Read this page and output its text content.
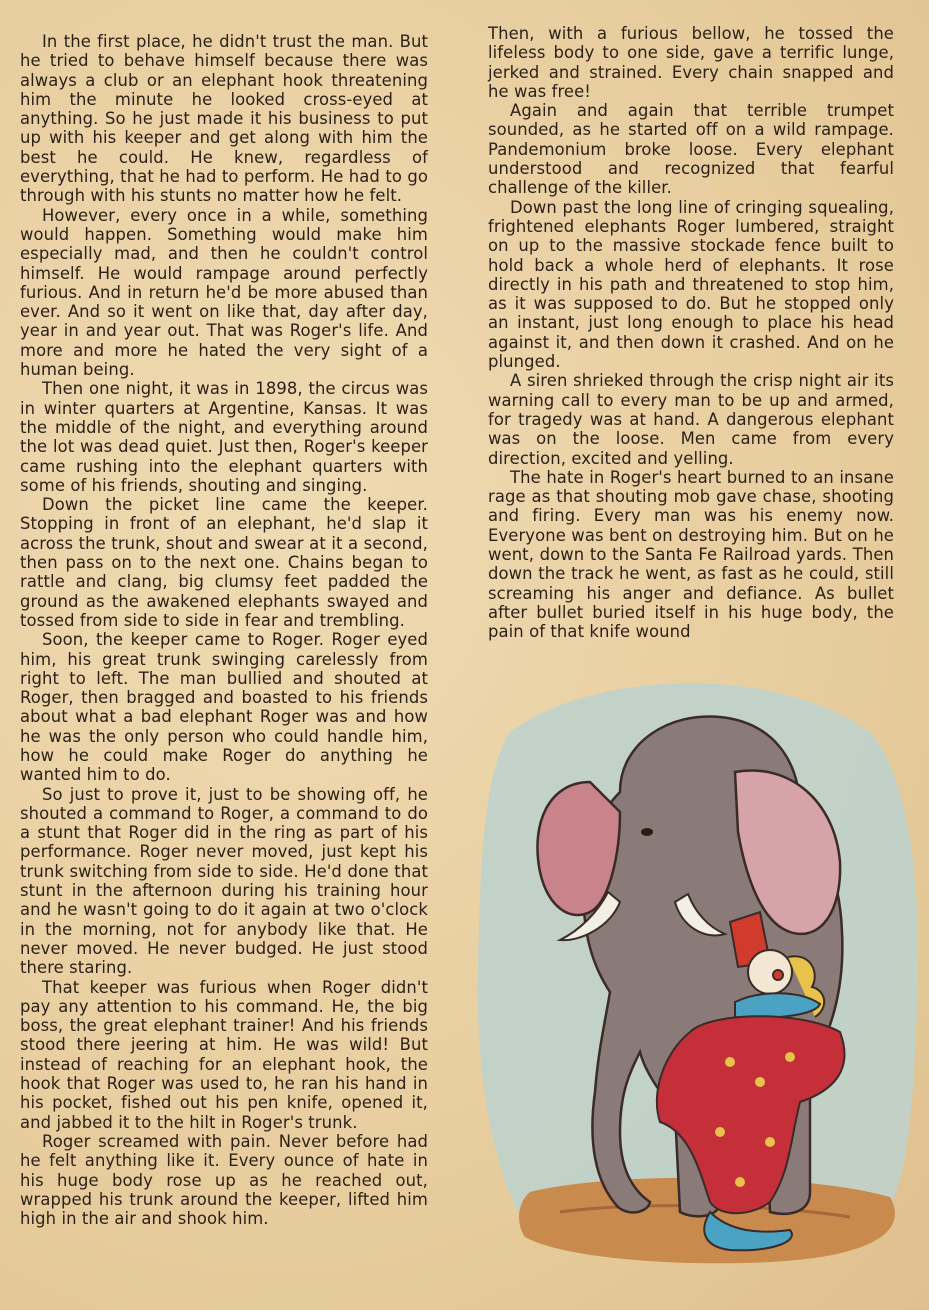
In the first place, he didn't trust the man. But he tried to behave himself because there was always a club or an elephant hook threatening him the minute he looked cross-eyed at anything. So he just made it his business to put up with his keeper and get along with him the best he could. He knew, regardless of everything, that he had to perform. He had to go through with his stunts no matter how he felt.

However, every once in a while, something would happen. Something would make him especially mad, and then he couldn't control himself. He would rampage around perfectly furious. And in return he'd be more abused than ever. And so it went on like that, day after day, year in and year out. That was Roger's life. And more and more he hated the very sight of a human being.

Then one night, it was in 1898, the circus was in winter quarters at Argentine, Kansas. It was the middle of the night, and everything around the lot was dead quiet. Just then, Roger's keeper came rushing into the elephant quarters with some of his friends, shouting and singing.

Down the picket line came the keeper. Stopping in front of an elephant, he'd slap it across the trunk, shout and swear at it a second, then pass on to the next one. Chains began to rattle and clang, big clumsy feet padded the ground as the awakened elephants swayed and tossed from side to side in fear and trembling.

Soon, the keeper came to Roger. Roger eyed him, his great trunk swinging carelessly from right to left. The man bullied and shouted at Roger, then bragged and boasted to his friends about what a bad elephant Roger was and how he was the only person who could handle him, how he could make Roger do anything he wanted him to do.

So just to prove it, just to be showing off, he shouted a command to Roger, a command to do a stunt that Roger did in the ring as part of his performance. Roger never moved, just kept his trunk switching from side to side. He'd done that stunt in the afternoon during his training hour and he wasn't going to do it again at two o'clock in the morning, not for anybody like that. He never moved. He never budged. He just stood there staring.

That keeper was furious when Roger didn't pay any attention to his command. He, the big boss, the great elephant trainer! And his friends stood there jeering at him. He was wild! But instead of reaching for an elephant hook, the hook that Roger was used to, he ran his hand in his pocket, fished out his pen knife, opened it, and jabbed it to the hilt in Roger's trunk.

Roger screamed with pain. Never before had he felt anything like it. Every ounce of hate in his huge body rose up as he reached out, wrapped his trunk around the keeper, lifted him high in the air and shook him.

Then, with a furious bellow, he tossed the lifeless body to one side, gave a terrific lunge, jerked and strained. Every chain snapped and he was free!

Again and again that terrible trumpet sounded, as he started off on a wild rampage. Pandemonium broke loose. Every elephant understood and recognized that fearful challenge of the killer.

Down past the long line of cringing squealing, frightened elephants Roger lumbered, straight on up to the massive stockade fence built to hold back a whole herd of elephants. It rose directly in his path and threatened to stop him, as it was supposed to do. But he stopped only an instant, just long enough to place his head against it, and then down it crashed. And on he plunged.

A siren shrieked through the crisp night air its warning call to every man to be up and armed, for tragedy was at hand. A dangerous elephant was on the loose. Men came from every direction, excited and yelling.

The hate in Roger's heart burned to an insane rage as that shouting mob gave chase, shooting and firing. Every man was his enemy now. Everyone was bent on destroying him. But on he went, down to the Santa Fe Railroad yards. Then down the track he went, as fast as he could, still screaming his anger and defiance. As bullet after bullet buried itself in his huge body, the pain of that knife wound
